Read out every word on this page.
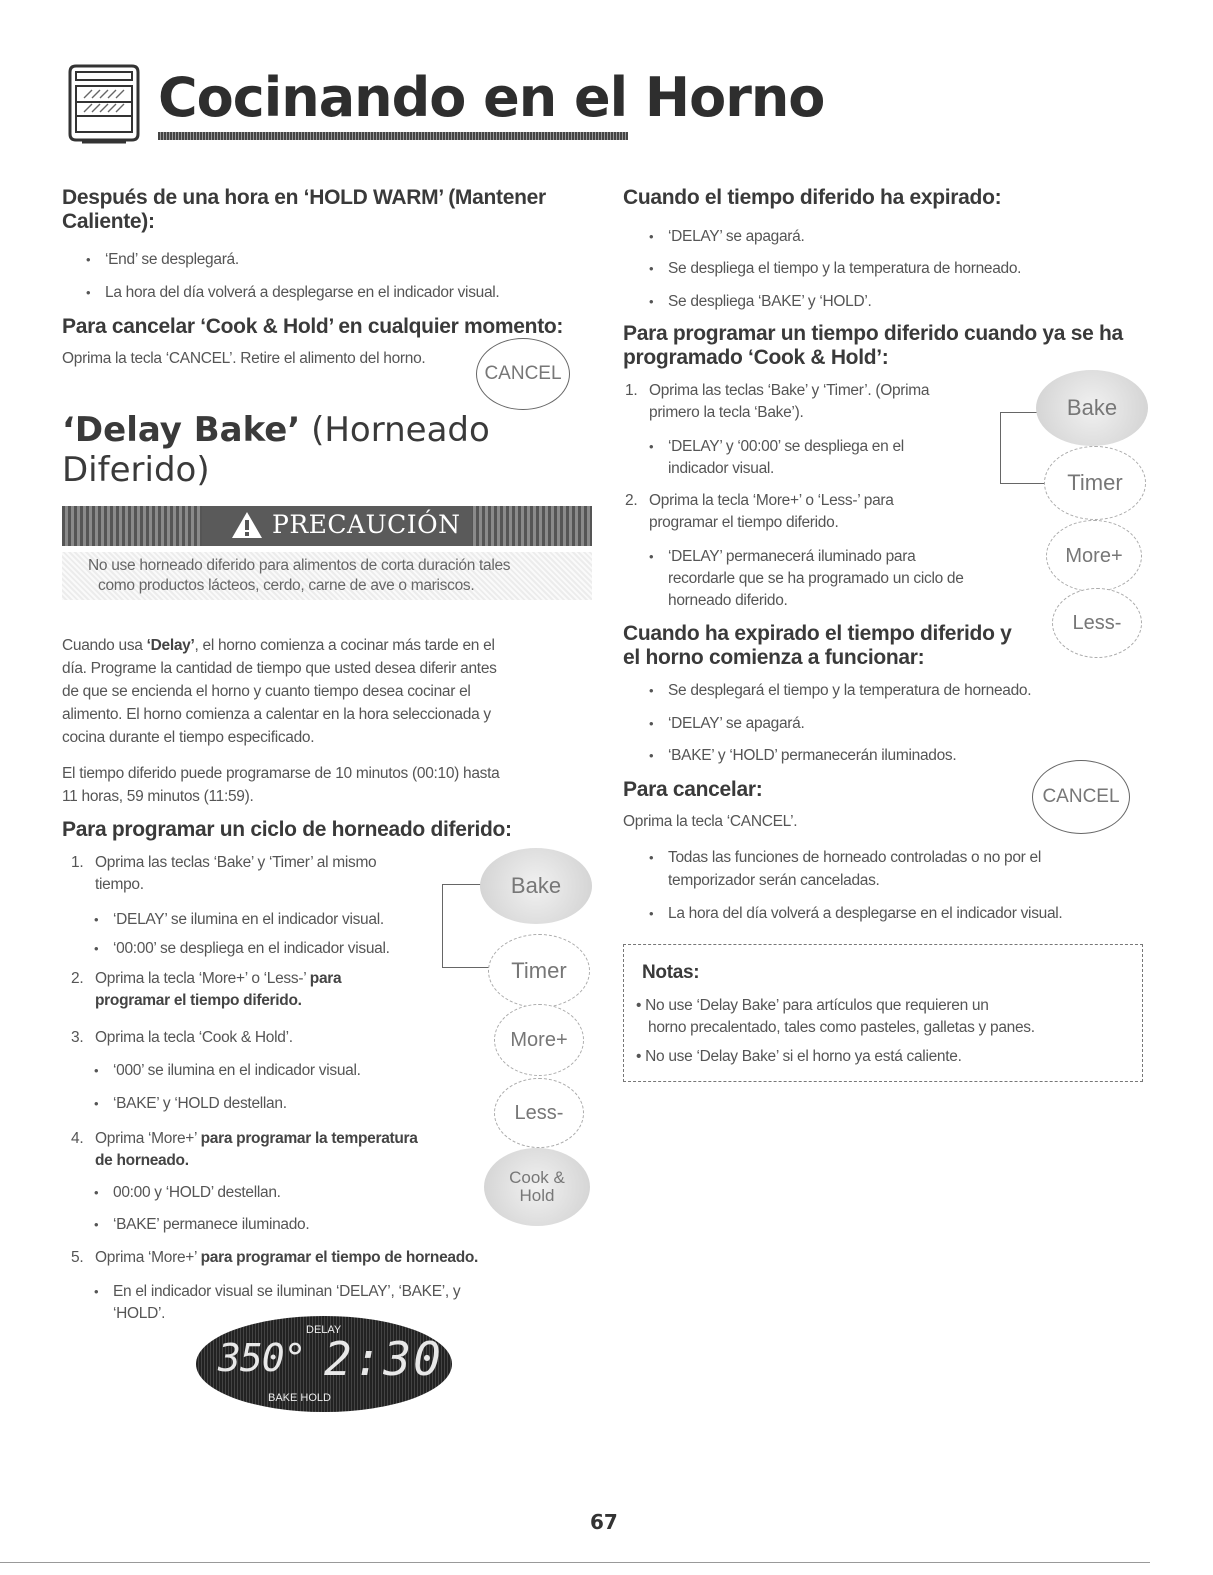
Cocinando en el Horno
Después de una hora en ‘HOLD WARM’ (Mantener Caliente):
• ‘End’ se desplegará.
• La hora del día volverá a desplegarse en el indicador visual.
Para cancelar ‘Cook & Hold’ en cualquier momento:
Oprima la tecla ‘CANCEL’. Retire el alimento del horno.
CANCEL
‘Delay Bake’ (Horneado
Diferido)
PRECAUCIÓN
No use horneado diferido para alimentos de corta duración tales
como productos lácteos, cerdo, carne de ave o mariscos.
Cuando usa ‘Delay’, el horno comienza a cocinar más tarde en el
día. Programe la cantidad de tiempo que usted desea diferir antes
de que se encienda el horno y cuanto tiempo desea cocinar el
alimento. El horno comienza a calentar en la hora seleccionada y
cocina durante el tiempo especificado.
El tiempo diferido puede programarse de 10 minutos (00:10) hasta
11 horas, 59 minutos (11:59).
Para programar un ciclo de horneado diferido:
1. Oprima las teclas ‘Bake’ y ‘Timer’ al mismo
tiempo.
• ‘DELAY’ se ilumina en el indicador visual.
• ‘00:00’ se despliega en el indicador visual.
2. Oprima la tecla ‘More+’ o ‘Less-’ para
programar el tiempo diferido.
3. Oprima la tecla ‘Cook & Hold’.
• ‘000’ se ilumina en el indicador visual.
• ‘BAKE’ y ‘HOLD destellan.
4. Oprima ‘More+’ para programar la temperatura
de horneado.
• 00:00 y ‘HOLD’ destellan.
• ‘BAKE’ permanece iluminado.
5. Oprima ‘More+’ para programar el tiempo de horneado.
• En el indicador visual se iluminan ‘DELAY’, ‘BAKE’, y
‘HOLD’.
Bake
Timer
More+
Less-
Cook &
Hold
DELAY
350° 2:30
BAKE HOLD
Cuando el tiempo diferido ha expirado:
• ‘DELAY’ se apagará.
• Se despliega el tiempo y la temperatura de horneado.
• Se despliega ‘BAKE’ y ‘HOLD’.
Para programar un tiempo diferido cuando ya se ha
programado ‘Cook & Hold’:
1. Oprima las teclas ‘Bake’ y ‘Timer’. (Oprima
primero la tecla ‘Bake’).
• ‘DELAY’ y ‘00:00’ se despliega en el
indicador visual.
2. Oprima la tecla ‘More+’ o ‘Less-’ para
programar el tiempo diferido.
• ‘DELAY’ permanecerá iluminado para
recordarle que se ha programado un ciclo de
horneado diferido.
Bake
Timer
More+
Less-
Cuando ha expirado el tiempo diferido y
el horno comienza a funcionar:
• Se desplegará el tiempo y la temperatura de horneado.
• ‘DELAY’ se apagará.
• ‘BAKE’ y ‘HOLD’ permanecerán iluminados.
Para cancelar:
Oprima la tecla ‘CANCEL’.
CANCEL
• Todas las funciones de horneado controladas o no por el
temporizador serán canceladas.
• La hora del día volverá a desplegarse en el indicador visual.
Notas:
• No use ‘Delay Bake’ para artículos que requieren un
horno precalentado, tales como pasteles, galletas y panes.
• No use ‘Delay Bake’ si el horno ya está caliente.
67
